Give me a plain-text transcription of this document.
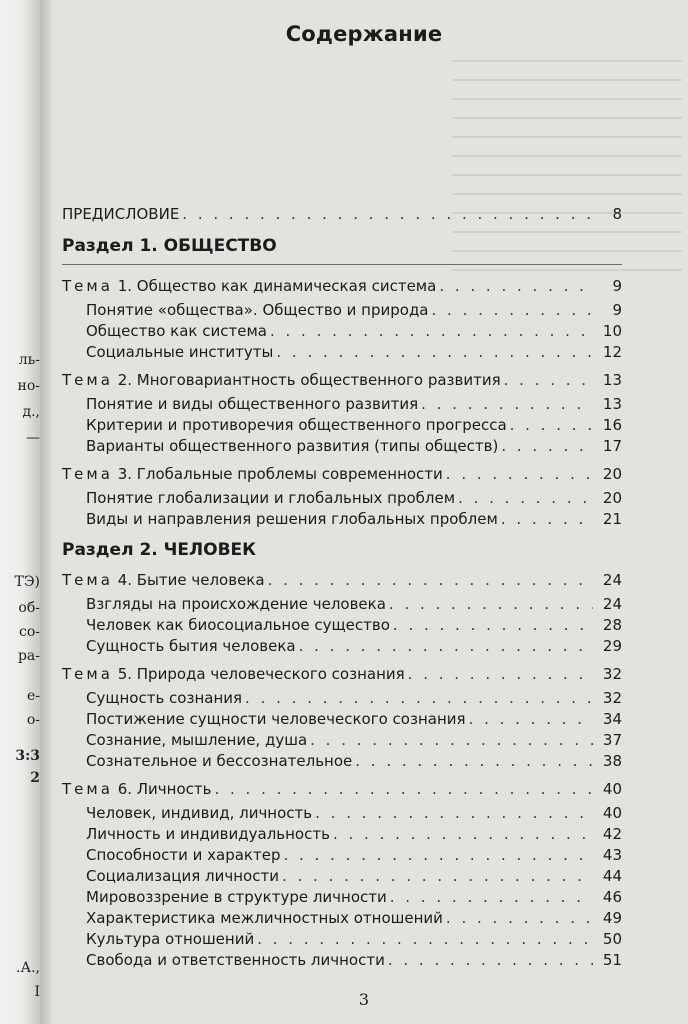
ль-
но-
д.,
—
ТЭ)
об-
со-
ра-
е-
о-
3:3
2
.А.,
I
Содержание
ПРЕДИСЛОВИЕ . . .	8
Раздел 1. ОБЩЕСТВО
Тема 1. Общество как динамическая система . . .	9
Понятие «общества». Общество и природа . . .	9
Общество как система . . .	10
Социальные институты . . .	12
Тема 2. Многовариантность общественного развития . . .	13
Понятие и виды общественного развития . . .	13
Критерии и противоречия общественного прогресса . . .	16
Варианты общественного развития (типы обществ) . . .	17
Тема 3. Глобальные проблемы современности . . .	20
Понятие глобализации и глобальных проблем . . .	20
Виды и направления решения глобальных проблем . . .	21
Раздел 2. ЧЕЛОВЕК
Тема 4. Бытие человека . . .	24
Взгляды на происхождение человека . . .	24
Человек как биосоциальное существо . . .	28
Сущность бытия человека . . .	29
Тема 5. Природа человеческого сознания . . .	32
Сущность сознания . . .	32
Постижение сущности человеческого сознания . . .	34
Сознание, мышление, душа . . .	37
Сознательное и бессознательное . . .	38
Тема 6. Личность . . .	40
Человек, индивид, личность . . .	40
Личность и индивидуальность . . .	42
Способности и характер . . .	43
Социализация личности . . .	44
Мировоззрение в структуре личности . . .	46
Характеристика межличностных отношений . . .	49
Культура отношений . . .	50
Свобода и ответственность личности . . .	51
3
